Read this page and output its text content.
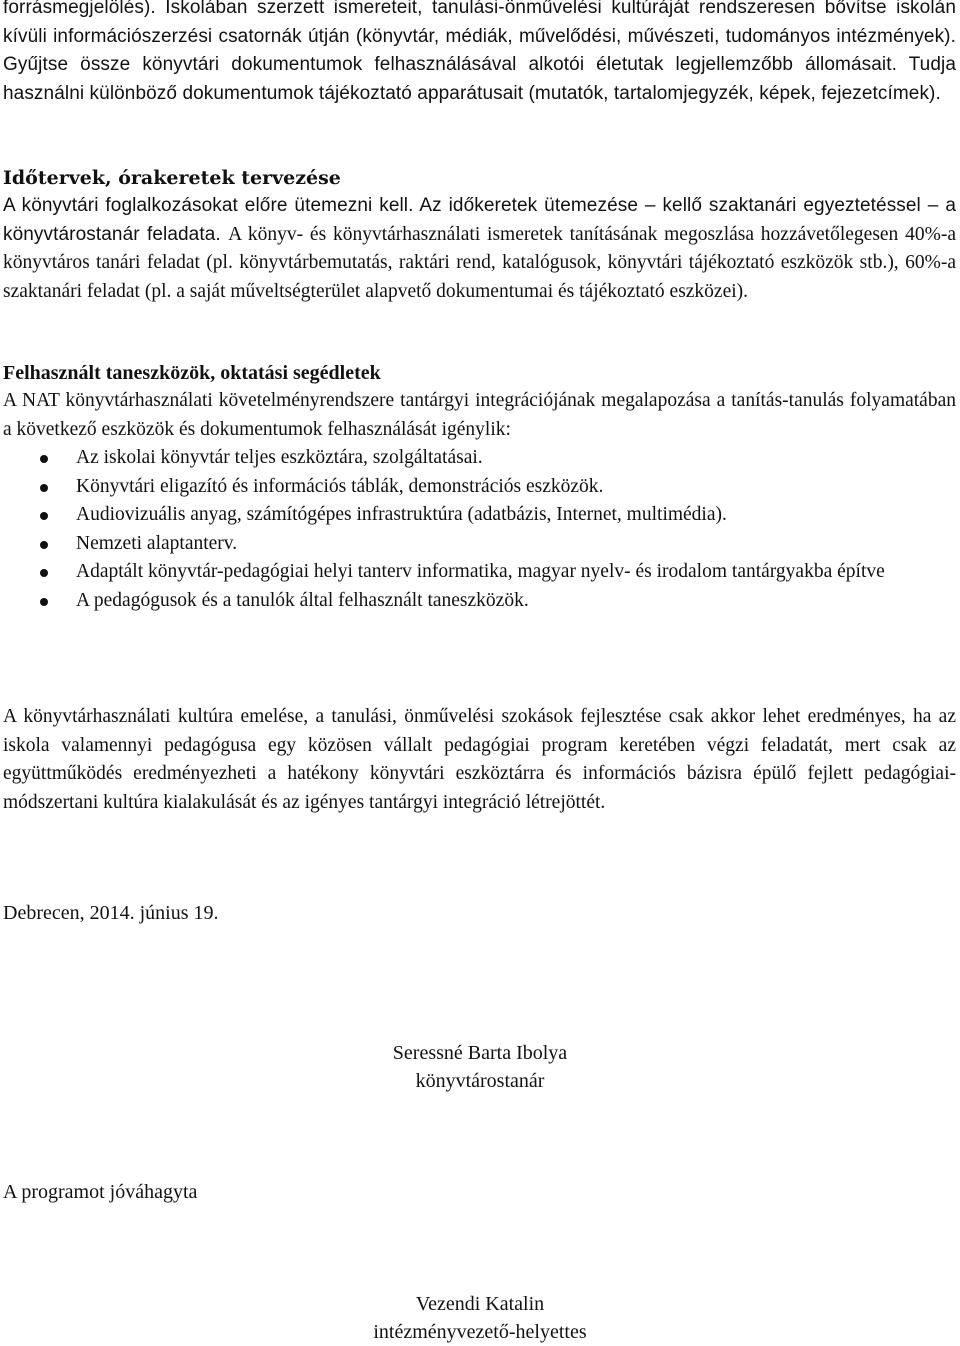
forrásmegjelölés). Iskolában szerzett ismereteit, tanulási-önművelési kultúráját rendszeresen bővítse iskolán kívüli információszerzési csatornák útján (könyvtár, médiák, művelődési, művészeti, tudományos intézmények). Gyűjtse össze könyvtári dokumentumok felhasználásával alkotói életutak legjellemzőbb állomásait. Tudja használni különböző dokumentumok tájékoztató apparátusait (mutatók, tartalomjegyzék, képek, fejezetcímek).

Időtervek, órakeretek tervezése

A könyvtári foglalkozásokat előre ütemezni kell. Az időkeretek ütemezése – kellő szaktanári egyeztetéssel – a könyvtárostanár feladata. A könyv- és könyvtárhasználati ismeretek tanításának megoszlása hozzávetőlegesen 40%-a könyvtáros tanári feladat (pl. könyvtárbemutatás, raktári rend, katalógusok, könyvtári tájékoztató eszközök stb.), 60%-a szaktanári feladat (pl. a saját műveltségterület alapvető dokumentumai és tájékoztató eszközei).

Felhasznált taneszközök, oktatási segédletek

A NAT könyvtárhasználati követelményrendszere tantárgyi integrációjának megalapozása a tanítás-tanulás folyamatában a következő eszközök és dokumentumok felhasználását igénylik:

Az iskolai könyvtár teljes eszköztára, szolgáltatásai.
Könyvtári eligazító és információs táblák, demonstrációs eszközök.
Audiovizuális anyag, számítógépes infrastruktúra (adatbázis, Internet, multimédia).
Nemzeti alaptanterv.
Adaptált könyvtár-pedagógiai helyi tanterv informatika, magyar nyelv- és irodalom tantárgyakba építve
A pedagógusok és a tanulók által felhasznált taneszközök.

A könyvtárhasználati kultúra emelése, a tanulási, önművelési szokások fejlesztése csak akkor lehet eredményes, ha az iskola valamennyi pedagógusa egy közösen vállalt pedagógiai program keretében végzi feladatát, mert csak az együttműködés eredményezheti a hatékony könyvtári eszköztárra és információs bázisra épülő fejlett pedagógiai-módszertani kultúra kialakulását és az igényes tantárgyi integráció létrejöttét.

Debrecen, 2014. június 19.

Seressné Barta Ibolya
könyvtárostanár

A programot jóváhagyta

Vezendi Katalin
intézményvezető-helyettes
